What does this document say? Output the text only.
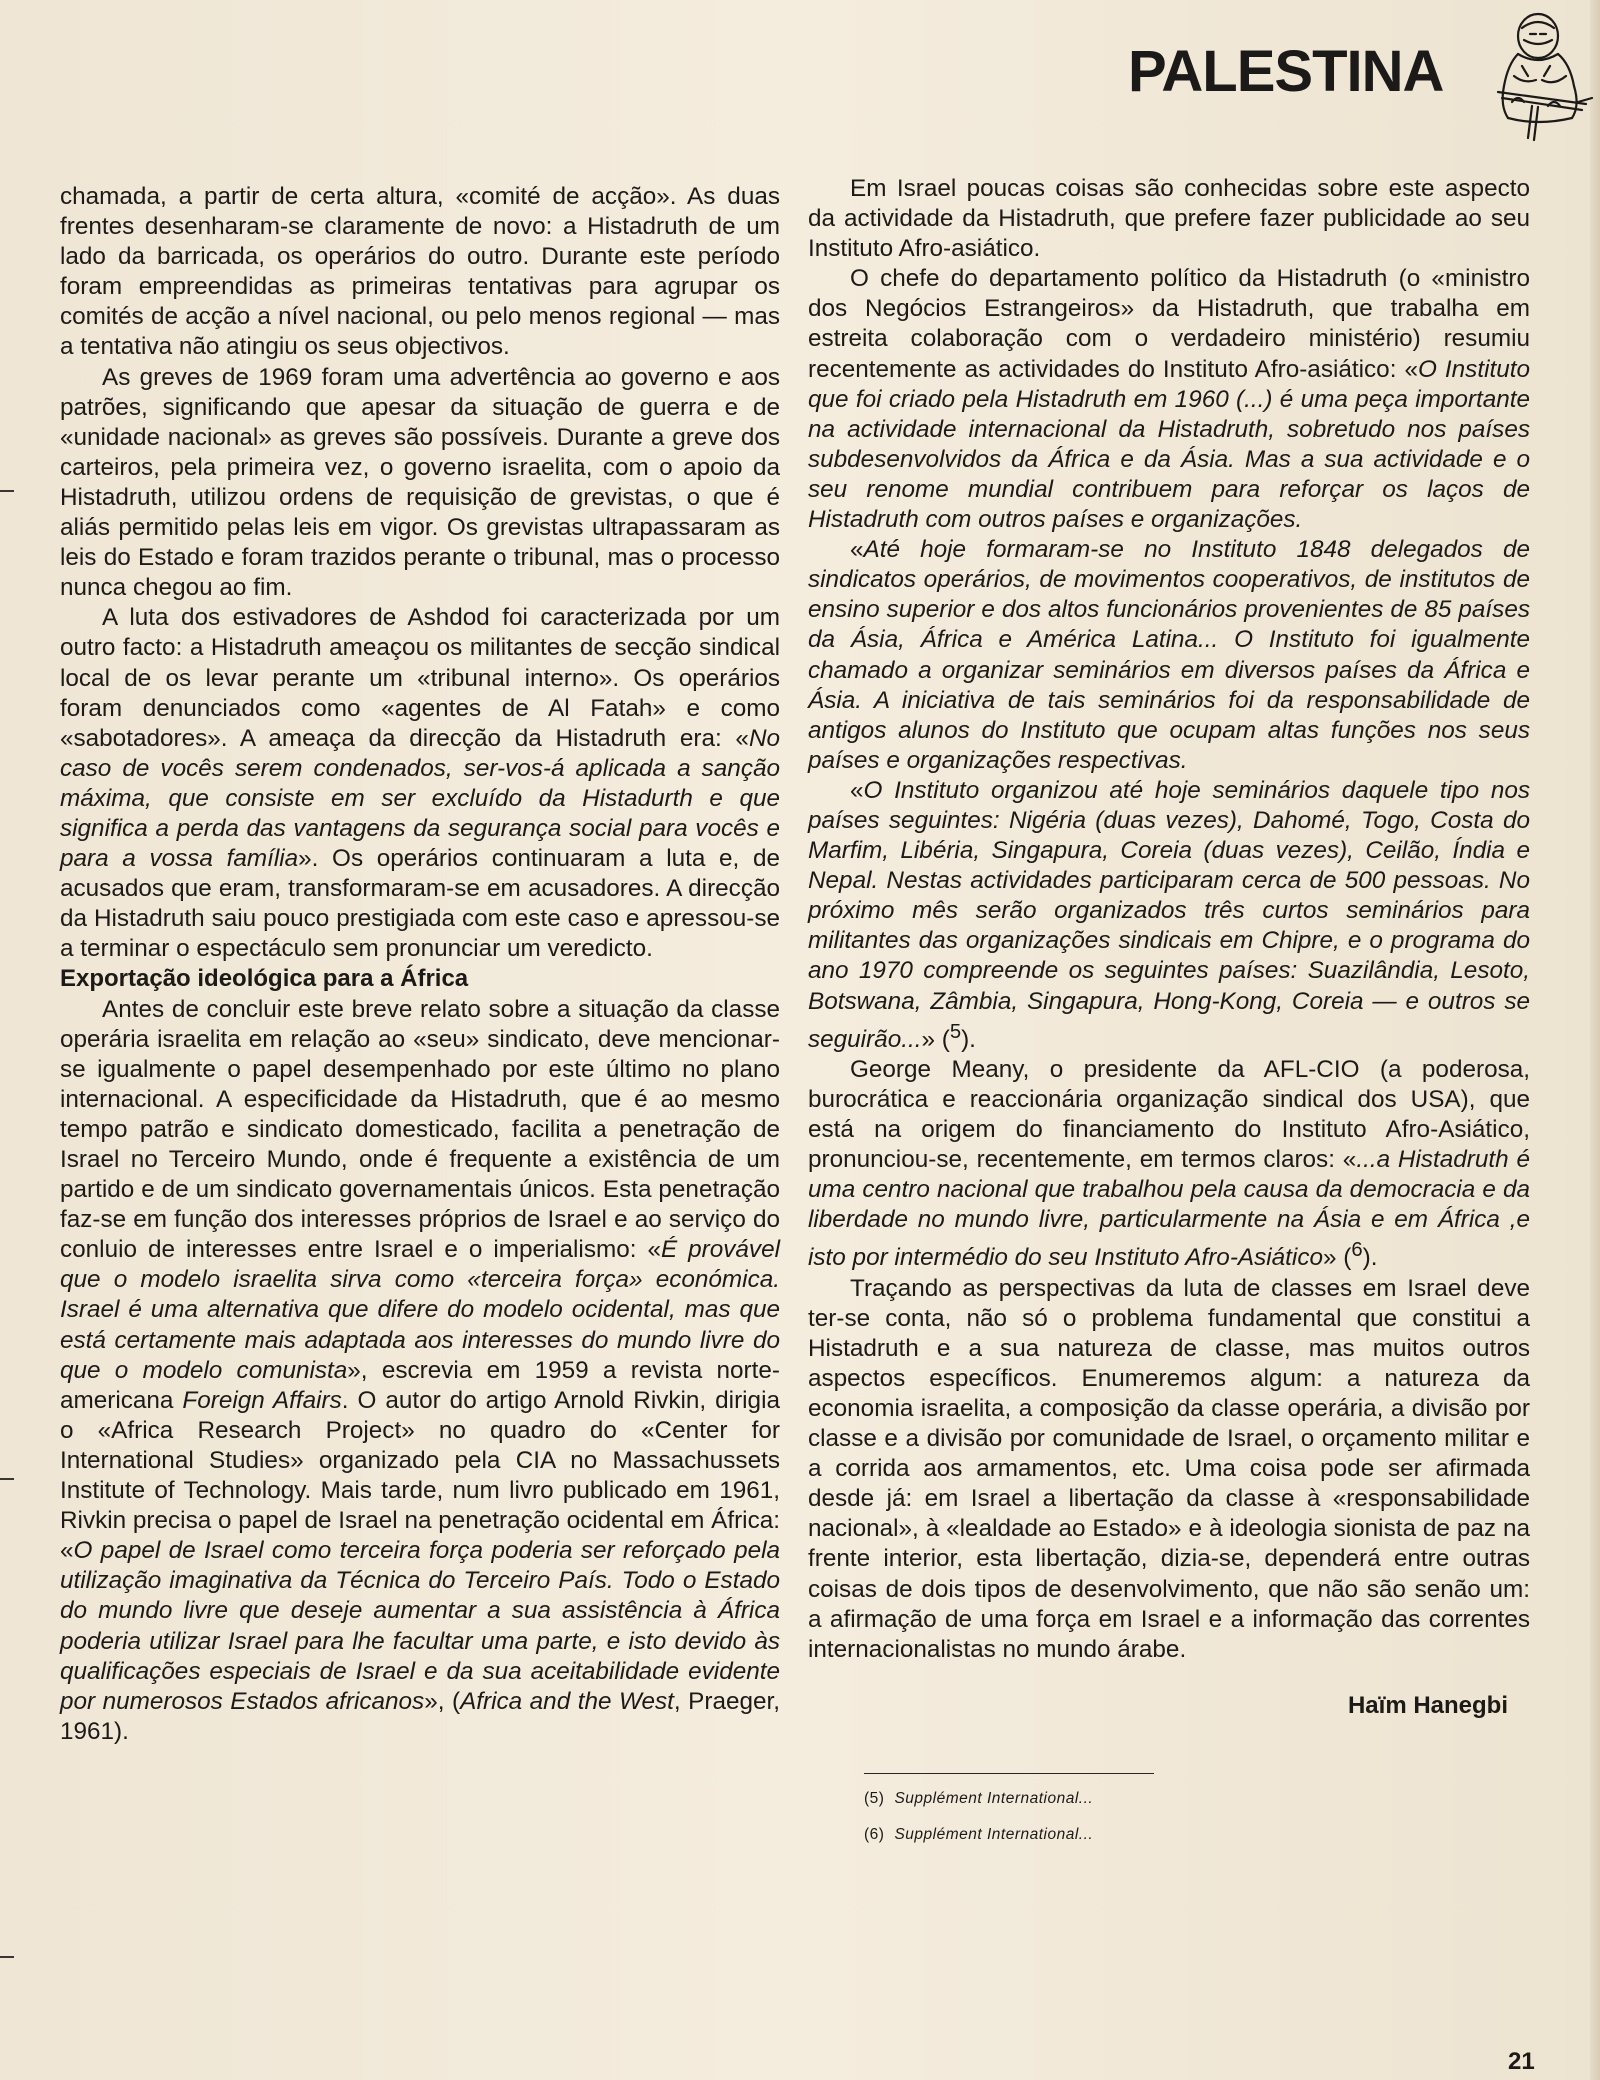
PALESTINA

chamada, a partir de certa altura, «comité de acção». As duas frentes desenharam-se claramente de novo: a Histadruth de um lado da barricada, os operários do outro. Durante este período foram empreendidas as primeiras tentativas para agrupar os comités de acção a nível nacional, ou pelo menos regional — mas a tentativa não atingiu os seus objectivos.

As greves de 1969 foram uma advertência ao governo e aos patrões, significando que apesar da situação de guerra e de «unidade nacional» as greves são possíveis. Durante a greve dos carteiros, pela primeira vez, o governo israelita, com o apoio da Histadruth, utilizou ordens de requisição de grevistas, o que é aliás permitido pelas leis em vigor. Os grevistas ultrapassaram as leis do Estado e foram trazidos perante o tribunal, mas o processo nunca chegou ao fim.

A luta dos estivadores de Ashdod foi caracterizada por um outro facto: a Histadruth ameaçou os militantes de secção sindical local de os levar perante um «tribunal interno». Os operários foram denunciados como «agentes de Al Fatah» e como «sabotadores». A ameaça da direcção da Histadruth era: «No caso de vocês serem condenados, ser-vos-á aplicada a sanção máxima, que consiste em ser excluído da Histadurth e que significa a perda das vantagens da segurança social para vocês e para a vossa família». Os operários continuaram a luta e, de acusados que eram, transformaram-se em acusadores. A direcção da Histadruth saiu pouco prestigiada com este caso e apressou-se a terminar o espectáculo sem pronunciar um veredicto.

Exportação ideológica para a África

Antes de concluir este breve relato sobre a situação da classe operária israelita em relação ao «seu» sindicato, deve mencionar-se igualmente o papel desempenhado por este último no plano internacional. A especificidade da Histadruth, que é ao mesmo tempo patrão e sindicato domesticado, facilita a penetração de Israel no Terceiro Mundo, onde é frequente a existência de um partido e de um sindicato governamentais únicos. Esta penetração faz-se em função dos interesses próprios de Israel e ao serviço do conluio de interesses entre Israel e o imperialismo: «É provável que o modelo israelita sirva como «terceira força» económica. Israel é uma alternativa que difere do modelo ocidental, mas que está certamente mais adaptada aos interesses do mundo livre do que o modelo comunista», escrevia em 1959 a revista norte-americana Foreign Affairs. O autor do artigo Arnold Rivkin, dirigia o «Africa Research Project» no quadro do «Center for International Studies» organizado pela CIA no Massachussets Institute of Technology. Mais tarde, num livro publicado em 1961, Rivkin precisa o papel de Israel na penetração ocidental em África: «O papel de Israel como terceira força poderia ser reforçado pela utilização imaginativa da Técnica do Terceiro País. Todo o Estado do mundo livre que deseje aumentar a sua assistência à África poderia utilizar Israel para lhe facultar uma parte, e isto devido às qualificações especiais de Israel e da sua aceitabilidade evidente por numerosos Estados africanos», (Africa and the West, Praeger, 1961).

Em Israel poucas coisas são conhecidas sobre este aspecto da actividade da Histadruth, que prefere fazer publicidade ao seu Instituto Afro-asiático.

O chefe do departamento político da Histadruth (o «ministro dos Negócios Estrangeiros» da Histadruth, que trabalha em estreita colaboração com o verdadeiro ministério) resumiu recentemente as actividades do Instituto Afro-asiático: «O Instituto que foi criado pela Histadruth em 1960 (...) é uma peça importante na actividade internacional da Histadruth, sobretudo nos países subdesenvolvidos da África e da Ásia. Mas a sua actividade e o seu renome mundial contribuem para reforçar os laços de Histadruth com outros países e organizações.

«Até hoje formaram-se no Instituto 1848 delegados de sindicatos operários, de movimentos cooperativos, de institutos de ensino superior e dos altos funcionários provenientes de 85 países da Ásia, África e América Latina... O Instituto foi igualmente chamado a organizar seminários em diversos países da África e Ásia. A iniciativa de tais seminários foi da responsabilidade de antigos alunos do Instituto que ocupam altas funções nos seus países e organizações respectivas.

«O Instituto organizou até hoje seminários daquele tipo nos países seguintes: Nigéria (duas vezes), Dahomé, Togo, Costa do Marfim, Libéria, Singapura, Coreia (duas vezes), Ceilão, Índia e Nepal. Nestas actividades participaram cerca de 500 pessoas. No próximo mês serão organizados três curtos seminários para militantes das organizações sindicais em Chipre, e o programa do ano 1970 compreende os seguintes países: Suazilândia, Lesoto, Botswana, Zâmbia, Singapura, Hong-Kong, Coreia — e outros se seguirão...» ($^5$).

George Meany, o presidente da AFL-CIO (a poderosa, burocrática e reaccionária organização sindical dos USA), que está na origem do financiamento do Instituto Afro-Asiático, pronunciou-se, recentemente, em termos claros: «...a Histadruth é uma centro nacional que trabalhou pela causa da democracia e da liberdade no mundo livre, particularmente na Ásia e em África ,e isto por intermédio do seu Instituto Afro-Asiático» ($^6$).

Traçando as perspectivas da luta de classes em Israel deve ter-se conta, não só o problema fundamental que constitui a Histadruth e a sua natureza de classe, mas muitos outros aspectos específicos. Enumeremos algum: a natureza da economia israelita, a composição da classe operária, a divisão por classe e a divisão por comunidade de Israel, o orçamento militar e a corrida aos armamentos, etc. Uma coisa pode ser afirmada desde já: em Israel a libertação da classe à «responsabilidade nacional», à «lealdade ao Estado» e à ideologia sionista de paz na frente interior, esta libertação, dizia-se, dependerá entre outras coisas de dois tipos de desenvolvimento, que não são senão um: a afirmação de uma força em Israel e a informação das correntes internacionalistas no mundo árabe.

Haïm Hanegbi
(5) Supplément International...
(6) Supplément International...
21
